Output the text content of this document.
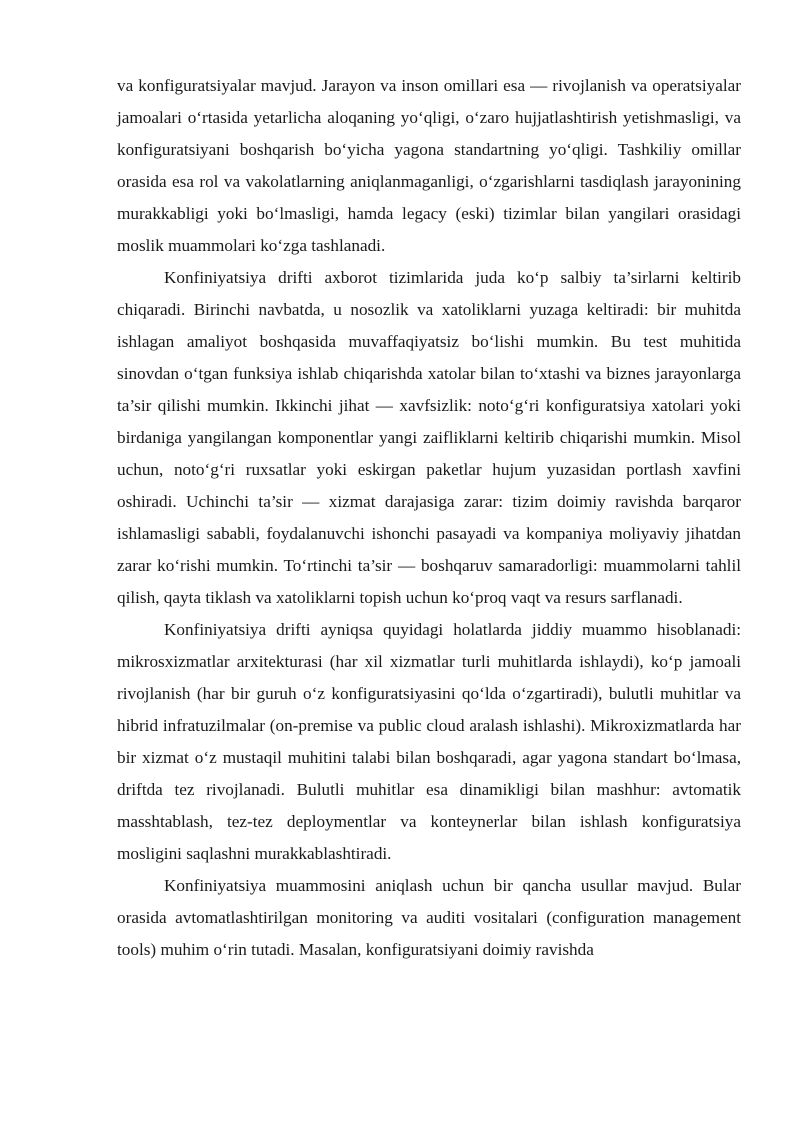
va konfiguratsiyalar mavjud. Jarayon va inson omillari esa — rivojlanish va operatsiyalar jamoalari o‘rtasida yetarlicha aloqaning yo‘qligi, o‘zaro hujjatlashtirish yetishmasligi, va konfiguratsiyani boshqarish bo‘yicha yagona standartning yo‘qligi. Tashkiliy omillar orasida esa rol va vakolatlarning aniqlanmaganligi, o‘zgarishlarni tasdiqlash jarayonining murakkabligi yoki bo‘lmasligi, hamda legacy (eski) tizimlar bilan yangilari orasidagi moslik muammolari ko‘zga tashlanadi.

Konfiniyatsiya drifti axborot tizimlarida juda ko‘p salbiy ta’sirlarni keltirib chiqaradi. Birinchi navbatda, u nosozlik va xatoliklarni yuzaga keltiradi: bir muhitda ishlagan amaliyot boshqasida muvaffaqiyatsiz bo‘lishi mumkin. Bu test muhitida sinovdan o‘tgan funksiya ishlab chiqarishda xatolar bilan to‘xtashi va biznes jarayonlarga ta’sir qilishi mumkin. Ikkinchi jihat — xavfsizlik: noto‘g‘ri konfiguratsiya xatolari yoki birdaniga yangilangan komponentlar yangi zaifliklarni keltirib chiqarishi mumkin. Misol uchun, noto‘g‘ri ruxsatlar yoki eskirgan paketlar hujum yuzasidan portlash xavfini oshiradi. Uchinchi ta’sir — xizmat darajasiga zarar: tizim doimiy ravishda barqaror ishlamasligi sababli, foydalanuvchi ishonchi pasayadi va kompaniya moliyaviy jihatdan zarar ko‘rishi mumkin. To‘rtinchi ta’sir — boshqaruv samaradorligi: muammolarni tahlil qilish, qayta tiklash va xatoliklarni topish uchun ko‘proq vaqt va resurs sarflanadi.

Konfiniyatsiya drifti ayniqsa quyidagi holatlarda jiddiy muammo hisoblanadi: mikrosxizmatlar arxitekturasi (har xil xizmatlar turli muhitlarda ishlaydi), ko‘p jamoali rivojlanish (har bir guruh o‘z konfiguratsiyasini qo‘lda o‘zgartiradi), bulutli muhitlar va hibrid infratuzilmalar (on-premise va public cloud aralash ishlashi). Mikroxizmatlarda har bir xizmat o‘z mustaqil muhitini talabi bilan boshqaradi, agar yagona standart bo‘lmasa, driftda tez rivojlanadi. Bulutli muhitlar esa dinamikligi bilan mashhur: avtomatik masshtablash, tez-tez deploymentlar va konteynerlar bilan ishlash konfiguratsiya mosligini saqlashni murakkablashtiradi.

Konfiniyatsiya muammosini aniqlash uchun bir qancha usullar mavjud. Bular orasida avtomatlashtirilgan monitoring va auditi vositalari (configuration management tools) muhim o‘rin tutadi. Masalan, konfiguratsiyani doimiy ravishda
